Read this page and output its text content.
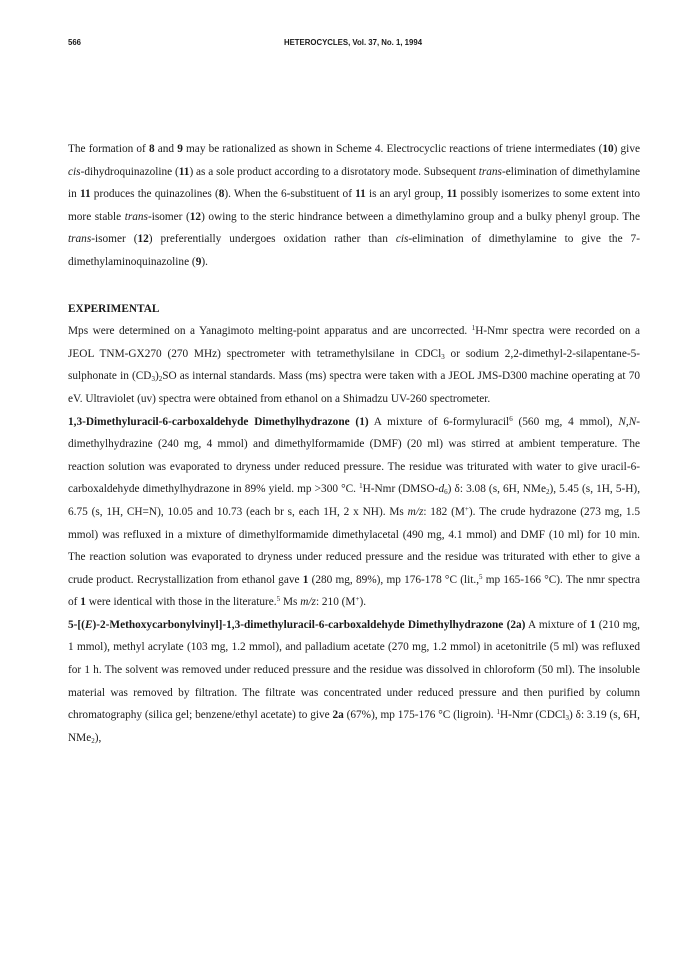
566	HETEROCYCLES, Vol. 37, No. 1, 1994

The formation of 8 and 9 may be rationalized as shown in Scheme 4. Electrocyclic reactions of triene intermediates (10) give cis-dihydroquinazoline (11) as a sole product according to a disrotatory mode. Subsequent trans-elimination of dimethylamine in 11 produces the quinazolines (8). When the 6-substituent of 11 is an aryl group, 11 possibly isomerizes to some extent into more stable trans-isomer (12) owing to the steric hindrance between a dimethylamino group and a bulky phenyl group. The trans-isomer (12) preferentially undergoes oxidation rather than cis-elimination of dimethylamine to give the 7-dimethylaminoquinazoline (9).

EXPERIMENTAL

Mps were determined on a Yanagimoto melting-point apparatus and are uncorrected. $^1$H-Nmr spectra were recorded on a JEOL TNM-GX270 (270 MHz) spectrometer with tetramethylsilane in CDCl$_3$ or sodium 2,2-dimethyl-2-silapentane-5-sulphonate in $(CD_3)_2SO$ as internal standards. Mass (ms) spectra were taken with a JEOL JMS-D300 machine operating at 70 eV. Ultraviolet (uv) spectra were obtained from ethanol on a Shimadzu UV-260 spectrometer.

1,3-Dimethyluracil-6-carboxaldehyde Dimethylhydrazone (1) A mixture of 6-formyluracil$^6$ (560 mg, 4 mmol), N,N-dimethylhydrazine (240 mg, 4 mmol) and dimethylformamide (DMF) (20 ml) was stirred at ambient temperature. The reaction solution was evaporated to dryness under reduced pressure. The residue was triturated with water to give uracil-6-carboxaldehyde dimethylhydrazone in 89% yield. mp >300 °C. $^1$H-Nmr $(DMSO-d_6)$ δ: 3.08 (s, 6H, NMe$_2$), 5.45 (s, 1H, 5-H), 6.75 (s, 1H, CH=N), 10.05 and 10.73 (each br s, each 1H, 2 x NH). Ms m/z: 182 (M+). The crude hydrazone (273 mg, 1.5 mmol) was refluxed in a mixture of dimethylformamide dimethylacetal (490 mg, 4.1 mmol) and DMF (10 ml) for 10 min. The reaction solution was evaporated to dryness under reduced pressure and the residue was triturated with ether to give a crude product. Recrystallization from ethanol gave 1 (280 mg, 89%), mp 176-178 °C (lit.,$^5$ mp 165-166 °C). The nmr spectra of 1 were identical with those in the literature.$^5$ Ms m/z: 210 (M+).

5-[(E)-2-Methoxycarbonylvinyl]-1,3-dimethyluracil-6-carboxaldehyde Dimethylhydrazone (2a) A mixture of 1 (210 mg, 1 mmol), methyl acrylate (103 mg, 1.2 mmol), and palladium acetate (270 mg, 1.2 mmol) in acetonitrile (5 ml) was refluxed for 1 h. The solvent was removed under reduced pressure and the residue was dissolved in chloroform (50 ml). The insoluble material was removed by filtration. The filtrate was concentrated under reduced pressure and then purified by column chromatography (silica gel; benzene/ethyl acetate) to give 2a (67%), mp 175-176 °C (ligroin). $^1$H-Nmr (CDCl$_3$) δ: 3.19 (s, 6H, NMe$_2$),
